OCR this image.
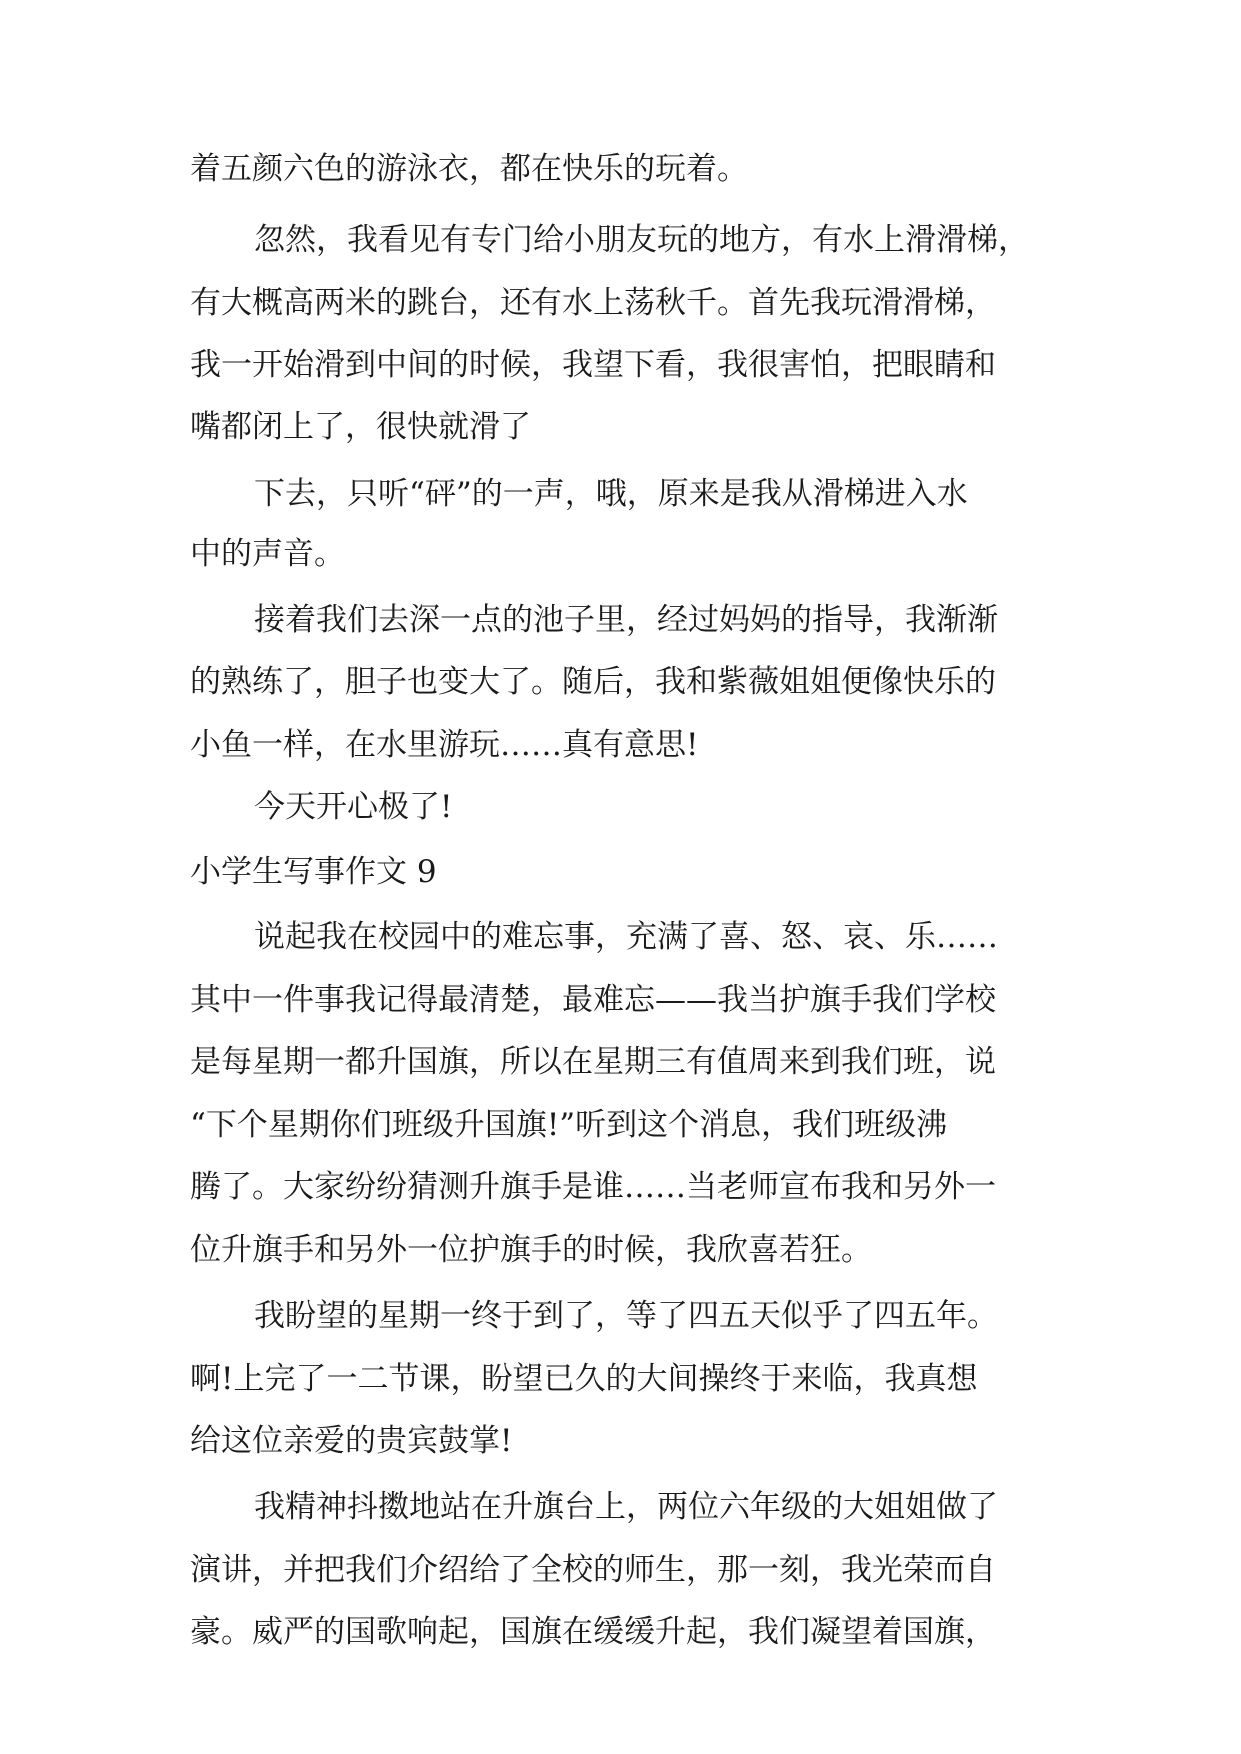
着五颜六色的游泳衣，都在快乐的玩着。
忽然，我看见有专门给小朋友玩的地方，有水上滑滑梯，
有大概高两米的跳台，还有水上荡秋千。首先我玩滑滑梯，
我一开始滑到中间的时候，我望下看，我很害怕，把眼睛和
嘴都闭上了，很快就滑了
下去，只听“砰”的一声，哦，原来是我从滑梯进入水
中的声音。
接着我们去深一点的池子里，经过妈妈的指导，我渐渐
的熟练了，胆子也变大了。随后，我和紫薇姐姐便像快乐的
小鱼一样，在水里游玩……真有意思!
今天开心极了!
小学生写事作文 9
说起我在校园中的难忘事，充满了喜、怒、哀、乐……
其中一件事我记得最清楚，最难忘——我当护旗手我们学校
是每星期一都升国旗，所以在星期三有值周来到我们班，说
“下个星期你们班级升国旗!”听到这个消息，我们班级沸
腾了。大家纷纷猜测升旗手是谁……当老师宣布我和另外一
位升旗手和另外一位护旗手的时候，我欣喜若狂。
我盼望的星期一终于到了，等了四五天似乎了四五年。
啊!上完了一二节课，盼望已久的大间操终于来临，我真想
给这位亲爱的贵宾鼓掌!
我精神抖擞地站在升旗台上，两位六年级的大姐姐做了
演讲，并把我们介绍给了全校的师生，那一刻，我光荣而自
豪。威严的国歌响起，国旗在缓缓升起，我们凝望着国旗，
